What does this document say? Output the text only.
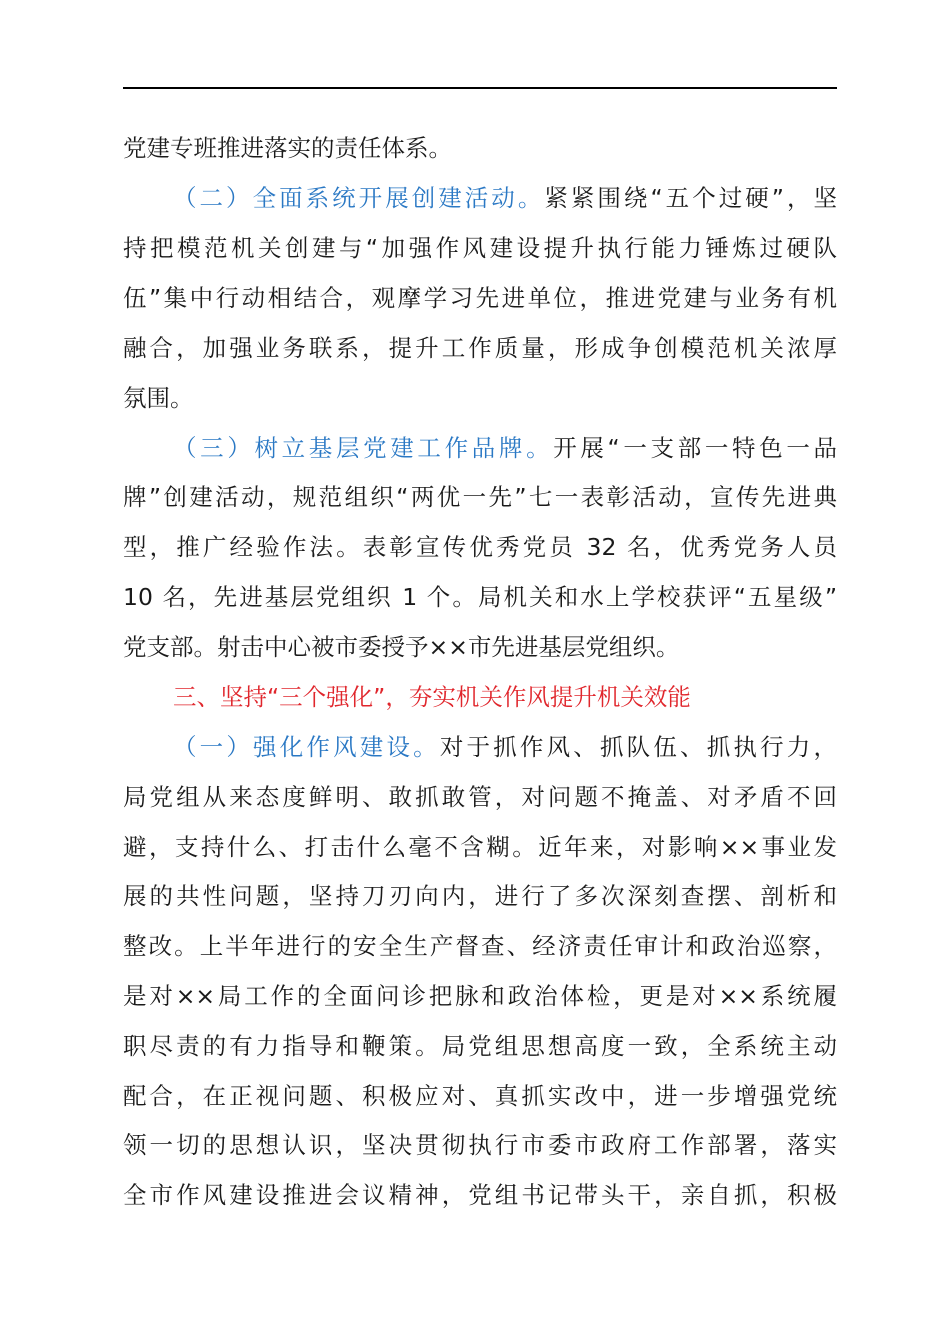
党建专班推进落实的责任体系。
（二）全面系统开展创建活动。紧紧围绕“五个过硬”，坚
持把模范机关创建与“加强作风建设提升执行能力锤炼过硬队
伍”集中行动相结合，观摩学习先进单位，推进党建与业务有机
融合，加强业务联系，提升工作质量，形成争创模范机关浓厚
氛围。
（三）树立基层党建工作品牌。开展“一支部一特色一品
牌”创建活动，规范组织“两优一先”七一表彰活动，宣传先进典
型，推广经验作法。表彰宣传优秀党员 32 名，优秀党务人员
10 名，先进基层党组织 1 个。局机关和水上学校获评“五星级”
党支部。射击中心被市委授予××市先进基层党组织。
三、坚持“三个强化”，夯实机关作风提升机关效能
（一）强化作风建设。对于抓作风、抓队伍、抓执行力，
局党组从来态度鲜明、敢抓敢管，对问题不掩盖、对矛盾不回
避，支持什么、打击什么毫不含糊。近年来，对影响××事业发
展的共性问题，坚持刀刃向内，进行了多次深刻查摆、剖析和
整改。上半年进行的安全生产督查、经济责任审计和政治巡察，
是对××局工作的全面问诊把脉和政治体检，更是对××系统履
职尽责的有力指导和鞭策。局党组思想高度一致，全系统主动
配合，在正视问题、积极应对、真抓实改中，进一步增强党统
领一切的思想认识，坚决贯彻执行市委市政府工作部署，落实
全市作风建设推进会议精神，党组书记带头干，亲自抓，积极
